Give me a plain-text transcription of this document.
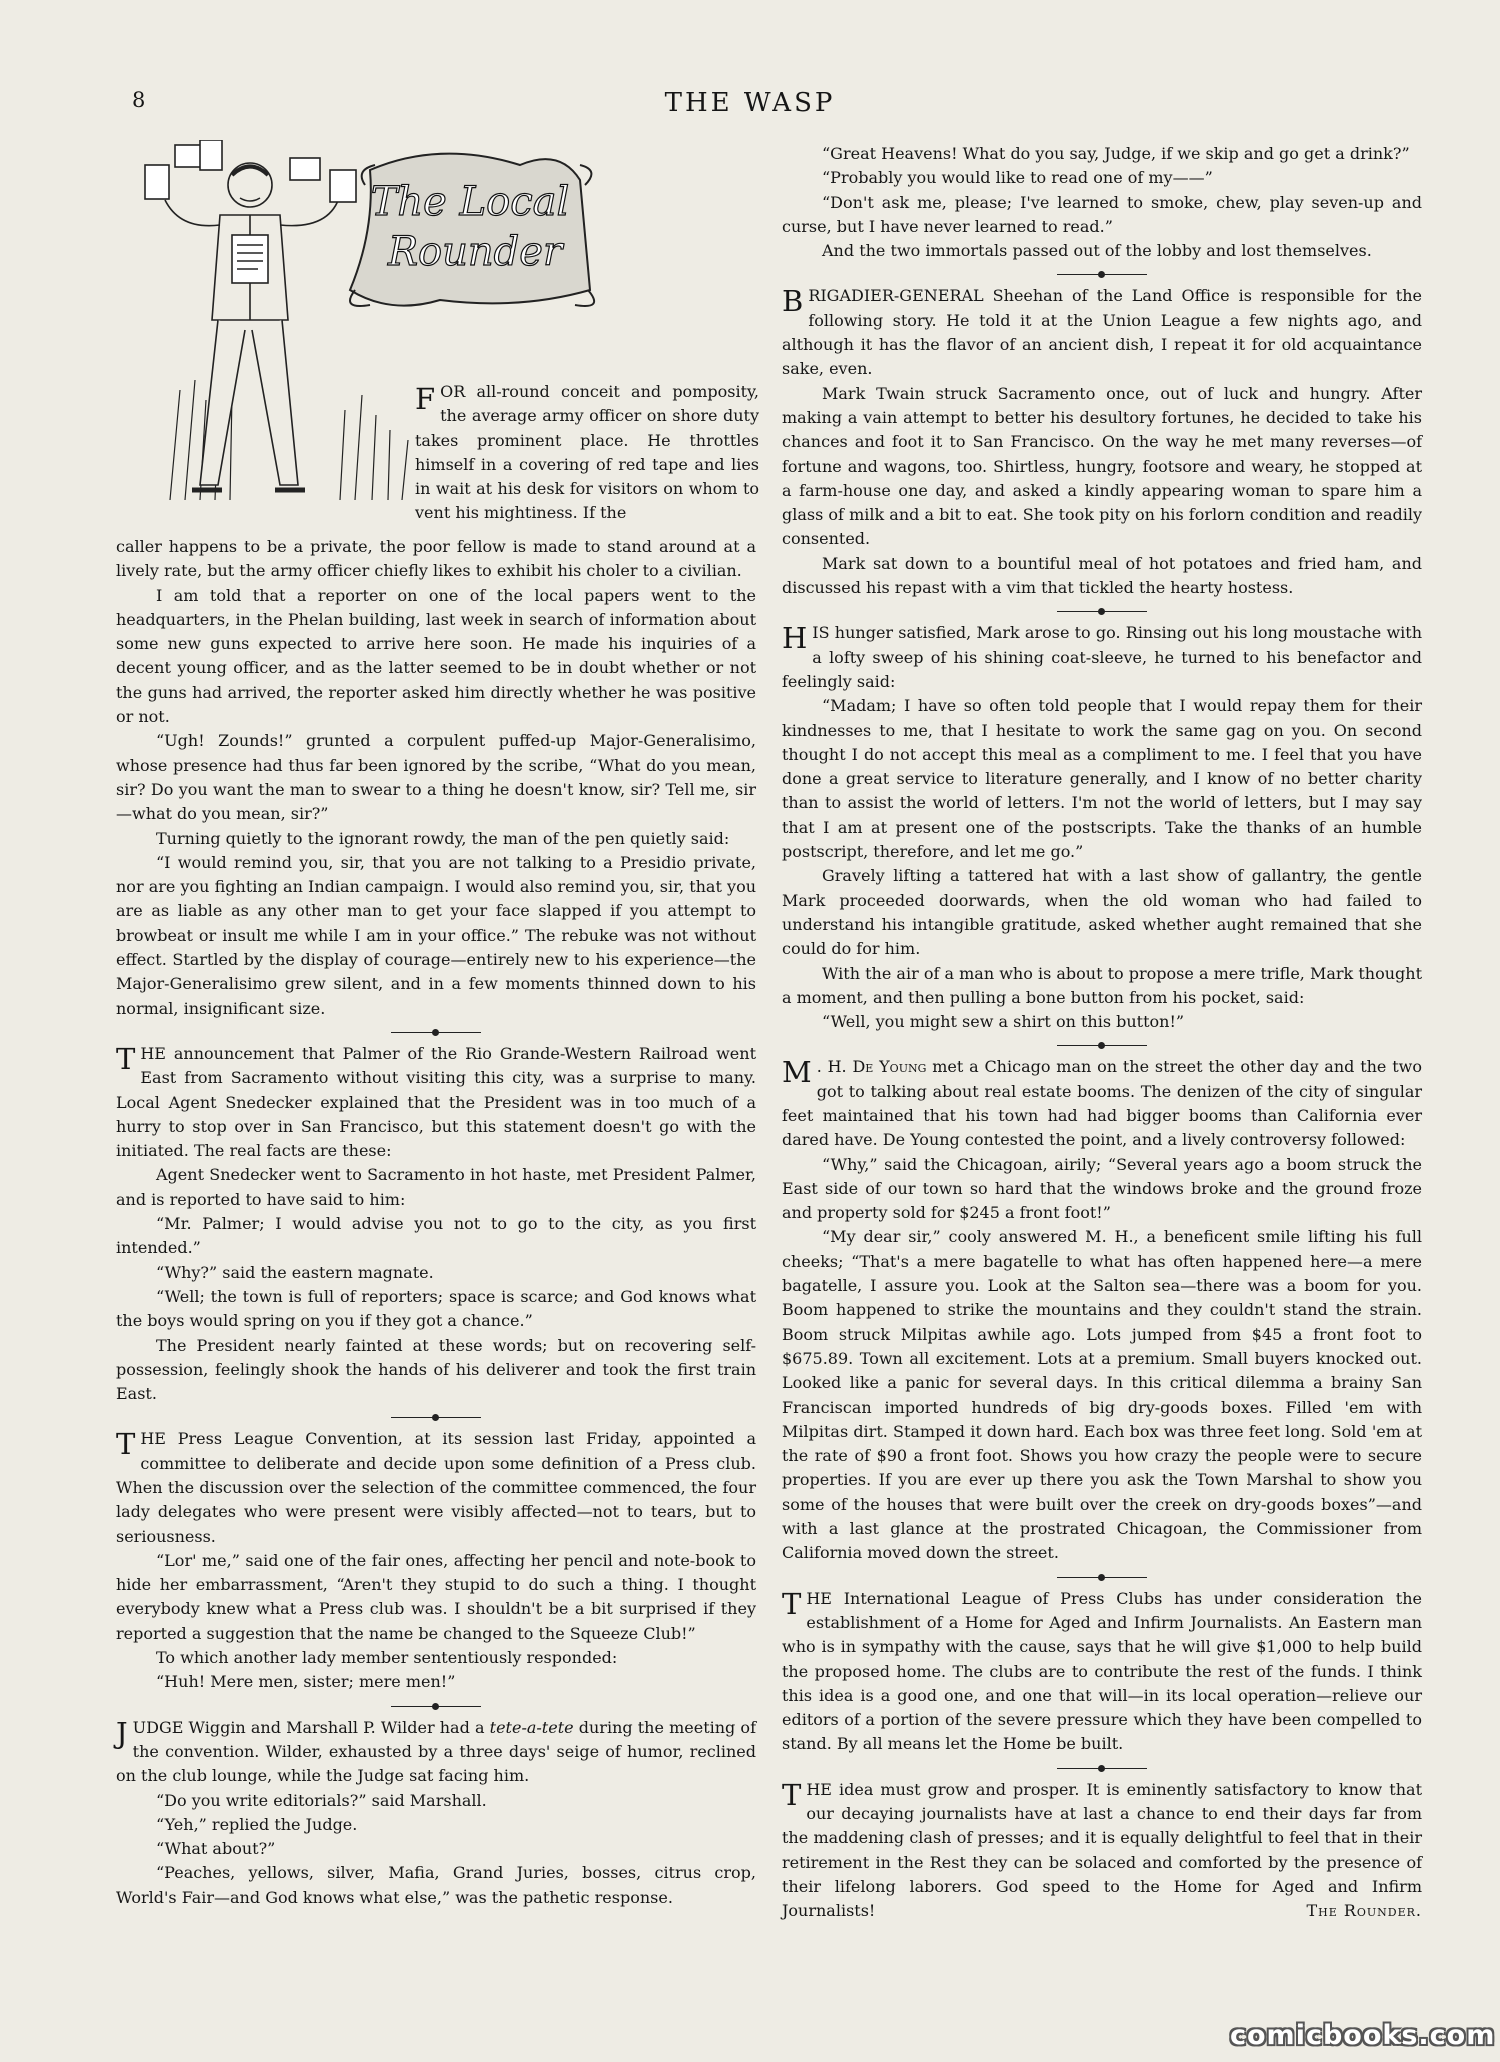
8	THE WASP
The Local
Rounder
FOR all-round conceit and pomposity, the average army officer on shore duty takes prominent place. He throttles himself in a covering of red tape and lies in wait at his desk for visitors on whom to vent his mightiness. If the

caller happens to be a private, the poor fellow is made to stand around at a lively rate, but the army officer chiefly likes to exhibit his choler to a civilian.

I am told that a reporter on one of the local papers went to the headquarters, in the Phelan building, last week in search of information about some new guns expected to arrive here soon. He made his inquiries of a decent young officer, and as the latter seemed to be in doubt whether or not the guns had arrived, the reporter asked him directly whether he was positive or not.

“Ugh! Zounds!” grunted a corpulent puffed-up Major-Generalisimo, whose presence had thus far been ignored by the scribe, “What do you mean, sir? Do you want the man to swear to a thing he doesn't know, sir? Tell me, sir—what do you mean, sir?”

Turning quietly to the ignorant rowdy, the man of the pen quietly said:

“I would remind you, sir, that you are not talking to a Presidio private, nor are you fighting an Indian campaign. I would also remind you, sir, that you are as liable as any other man to get your face slapped if you attempt to browbeat or insult me while I am in your office.” The rebuke was not without effect. Startled by the display of courage—entirely new to his experience—the Major-Generalisimo grew silent, and in a few moments thinned down to his normal, insignificant size.

THE announcement that Palmer of the Rio Grande-Western Railroad went East from Sacramento without visiting this city, was a surprise to many. Local Agent Snedecker explained that the President was in too much of a hurry to stop over in San Francisco, but this statement doesn't go with the initiated. The real facts are these:

Agent Snedecker went to Sacramento in hot haste, met President Palmer, and is reported to have said to him:

“Mr. Palmer; I would advise you not to go to the city, as you first intended.”

“Why?” said the eastern magnate.

“Well; the town is full of reporters; space is scarce; and God knows what the boys would spring on you if they got a chance.”

The President nearly fainted at these words; but on recovering self-possession, feelingly shook the hands of his deliverer and took the first train East.

THE Press League Convention, at its session last Friday, appointed a committee to deliberate and decide upon some definition of a Press club. When the discussion over the selection of the committee commenced, the four lady delegates who were present were visibly affected—not to tears, but to seriousness.

“Lor' me,” said one of the fair ones, affecting her pencil and note-book to hide her embarrassment, “Aren't they stupid to do such a thing. I thought everybody knew what a Press club was. I shouldn't be a bit surprised if they reported a suggestion that the name be changed to the Squeeze Club!”

To which another lady member sententiously responded:

“Huh! Mere men, sister; mere men!”

JUDGE Wiggin and Marshall P. Wilder had a tete-a-tete during the meeting of the convention. Wilder, exhausted by a three days' seige of humor, reclined on the club lounge, while the Judge sat facing him.

“Do you write editorials?” said Marshall.

“Yeh,” replied the Judge.

“What about?”

“Peaches, yellows, silver, Mafia, Grand Juries, bosses, citrus crop, World's Fair—and God knows what else,” was the pathetic response.

“Great Heavens! What do you say, Judge, if we skip and go get a drink?”

“Probably you would like to read one of my——”

“Don't ask me, please; I've learned to smoke, chew, play seven-up and curse, but I have never learned to read.”

And the two immortals passed out of the lobby and lost themselves.

BRIGADIER-GENERAL Sheehan of the Land Office is responsible for the following story. He told it at the Union League a few nights ago, and although it has the flavor of an ancient dish, I repeat it for old acquaintance sake, even.

Mark Twain struck Sacramento once, out of luck and hungry. After making a vain attempt to better his desultory fortunes, he decided to take his chances and foot it to San Francisco. On the way he met many reverses—of fortune and wagons, too. Shirtless, hungry, footsore and weary, he stopped at a farm-house one day, and asked a kindly appearing woman to spare him a glass of milk and a bit to eat. She took pity on his forlorn condition and readily consented.

Mark sat down to a bountiful meal of hot potatoes and fried ham, and discussed his repast with a vim that tickled the hearty hostess.

HIS hunger satisfied, Mark arose to go. Rinsing out his long moustache with a lofty sweep of his shining coat-sleeve, he turned to his benefactor and feelingly said:

“Madam; I have so often told people that I would repay them for their kindnesses to me, that I hesitate to work the same gag on you. On second thought I do not accept this meal as a compliment to me. I feel that you have done a great service to literature generally, and I know of no better charity than to assist the world of letters. I'm not the world of letters, but I may say that I am at present one of the postscripts. Take the thanks of an humble postscript, therefore, and let me go.”

Gravely lifting a tattered hat with a last show of gallantry, the gentle Mark proceeded doorwards, when the old woman who had failed to understand his intangible gratitude, asked whether aught remained that she could do for him.

With the air of a man who is about to propose a mere trifle, Mark thought a moment, and then pulling a bone button from his pocket, said:

“Well, you might sew a shirt on this button!”

M . H. De Young met a Chicago man on the street the other day and the two got to talking about real estate booms. The denizen of the city of singular feet maintained that his town had had bigger booms than California ever dared have. De Young contested the point, and a lively controversy followed:

“Why,” said the Chicagoan, airily; “Several years ago a boom struck the East side of our town so hard that the windows broke and the ground froze and property sold for $245 a front foot!”

“My dear sir,” cooly answered M. H., a beneficent smile lifting his full cheeks; “That's a mere bagatelle to what has often happened here—a mere bagatelle, I assure you. Look at the Salton sea—there was a boom for you. Boom happened to strike the mountains and they couldn't stand the strain. Boom struck Milpitas awhile ago. Lots jumped from $45 a front foot to $675.89. Town all excitement. Lots at a premium. Small buyers knocked out. Looked like a panic for several days. In this critical dilemma a brainy San Franciscan imported hundreds of big dry-goods boxes. Filled 'em with Milpitas dirt. Stamped it down hard. Each box was three feet long. Sold 'em at the rate of $90 a front foot. Shows you how crazy the people were to secure properties. If you are ever up there you ask the Town Marshal to show you some of the houses that were built over the creek on dry-goods boxes”—and with a last glance at the prostrated Chicagoan, the Commissioner from California moved down the street.

THE International League of Press Clubs has under consideration the establishment of a Home for Aged and Infirm Journalists. An Eastern man who is in sympathy with the cause, says that he will give $1,000 to help build the proposed home. The clubs are to contribute the rest of the funds. I think this idea is a good one, and one that will—in its local operation—relieve our editors of a portion of the severe pressure which they have been compelled to stand. By all means let the Home be built.

THE idea must grow and prosper. It is eminently satisfactory to know that our decaying journalists have at last a chance to end their days far from the maddening clash of presses; and it is equally delightful to feel that in their retirement in the Rest they can be solaced and comforted by the presence of their lifelong laborers. God speed to the Home for Aged and Infirm Journalists!	The Rounder.

comicbooks.com
